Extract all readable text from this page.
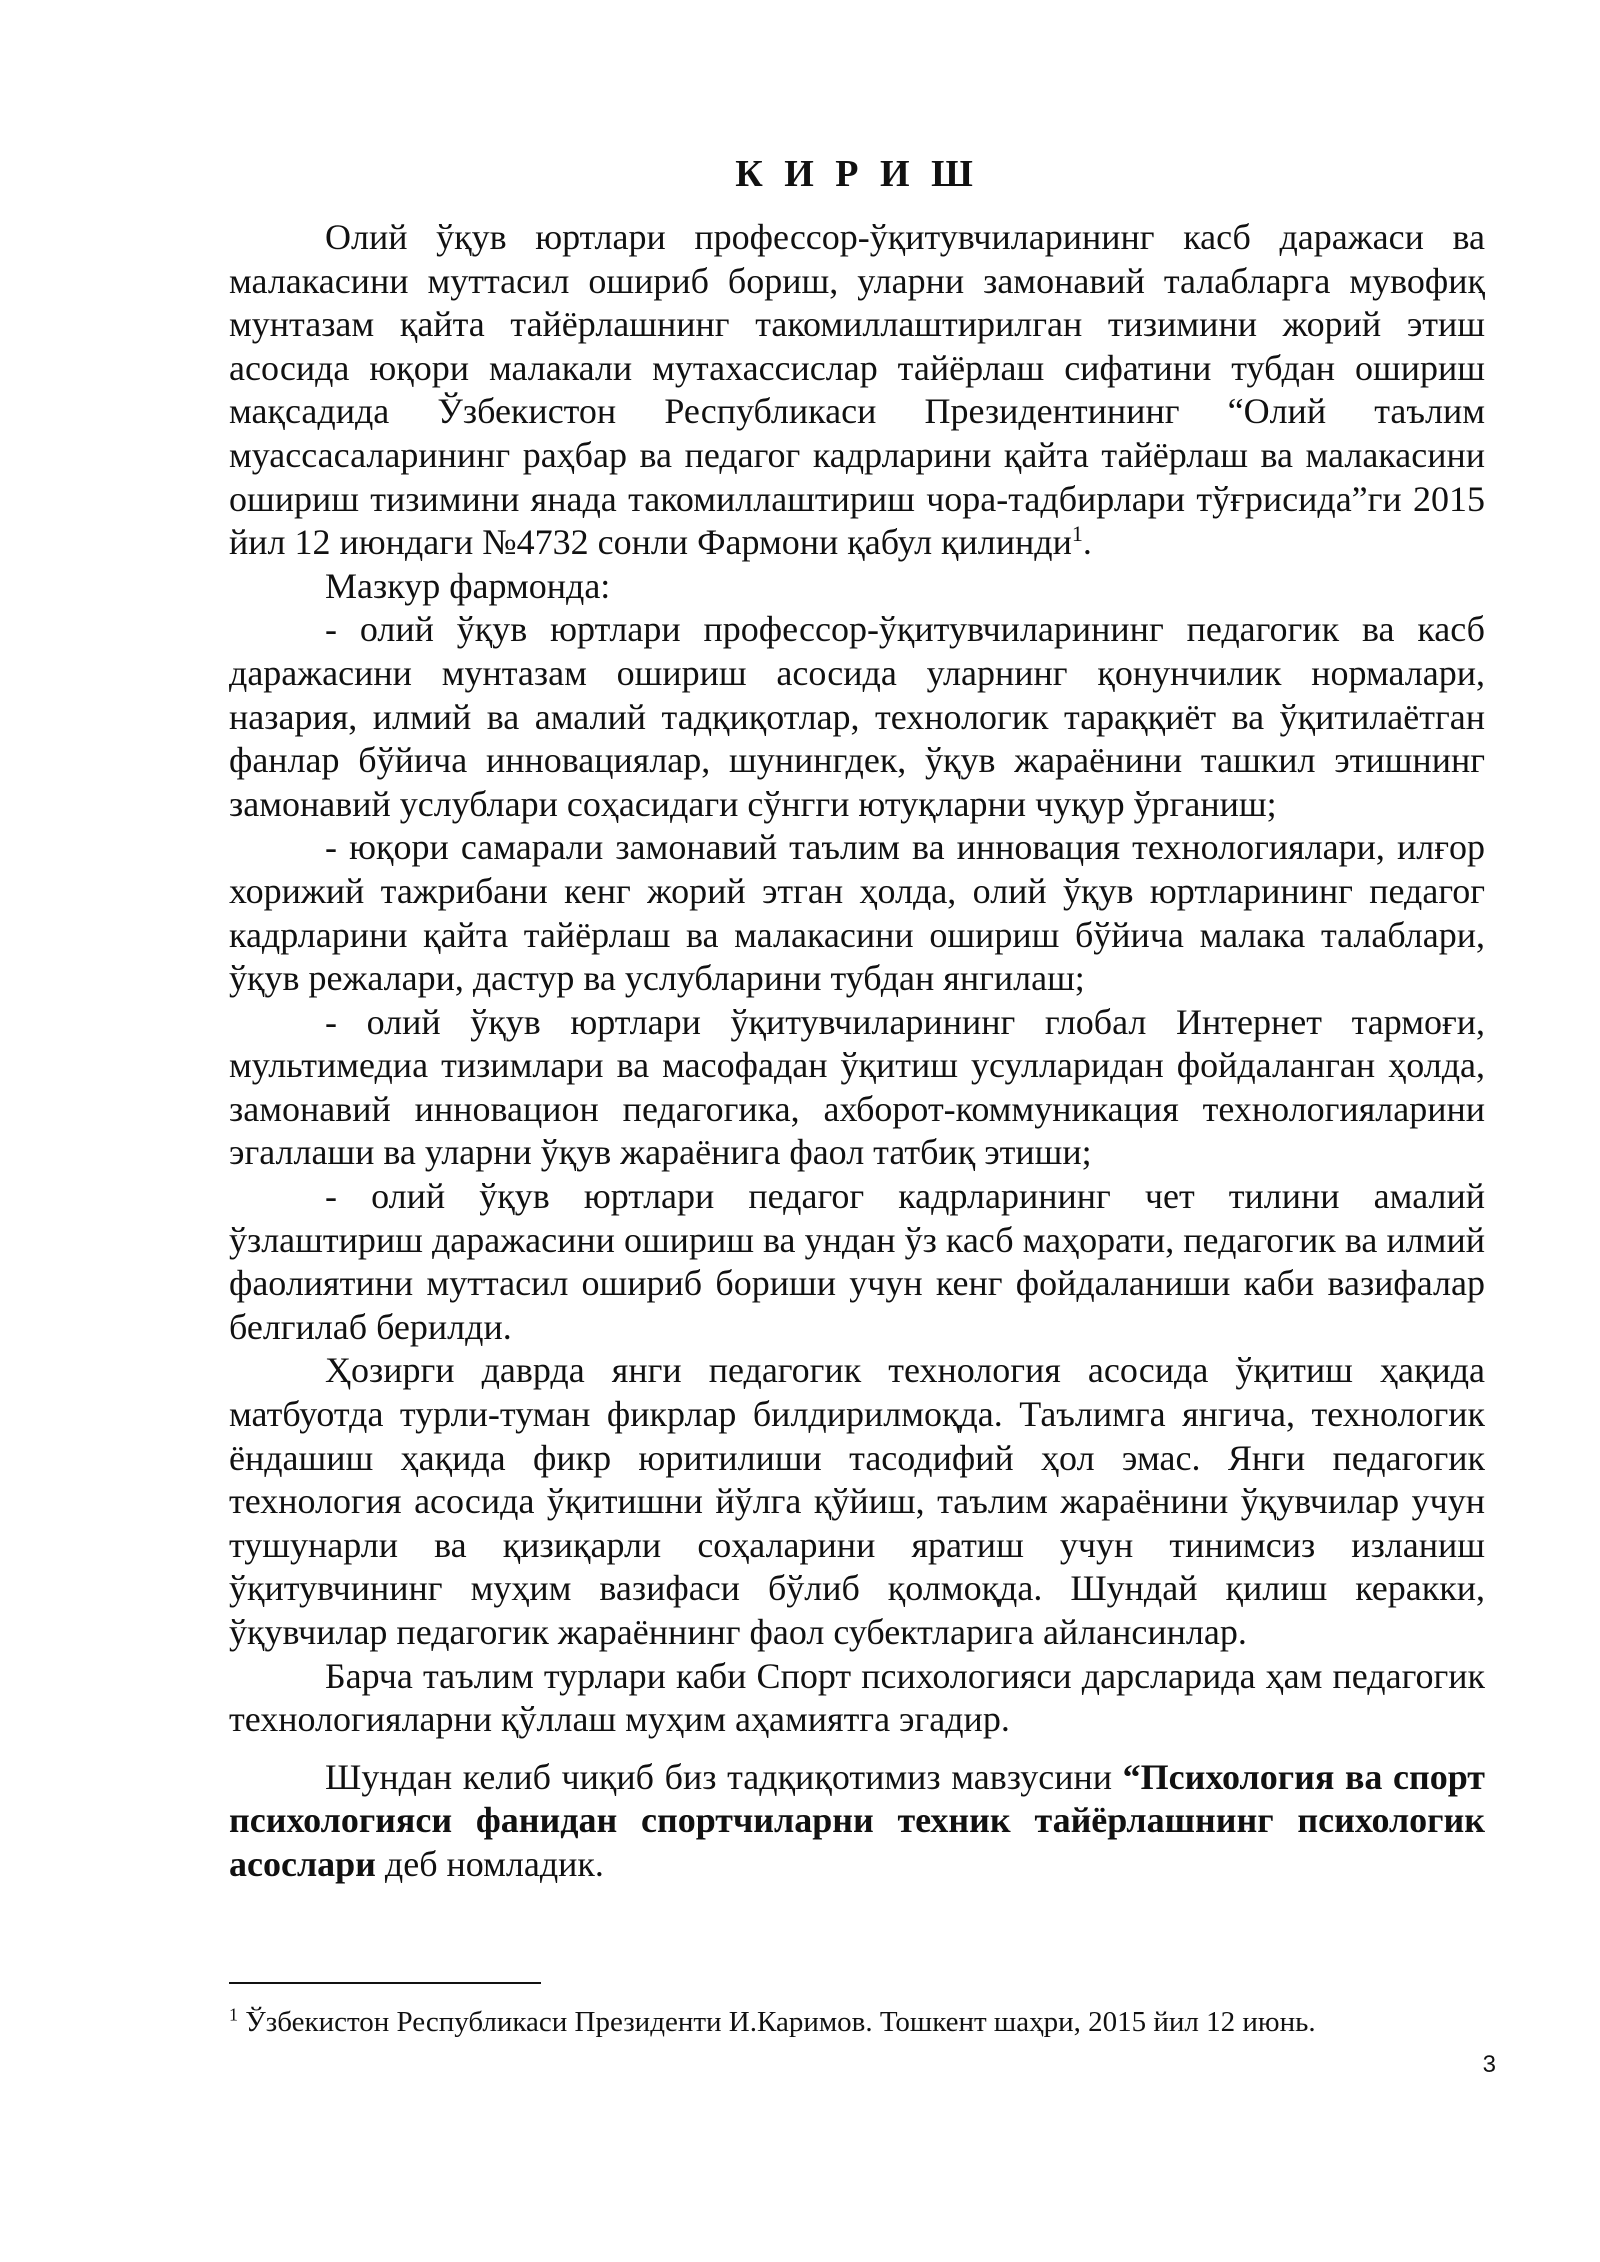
К И Р И Ш

Олий ўқув юртлари профессор-ўқитувчиларининг касб даражаси ва малакасини муттасил ошириб бориш, уларни замонавий талабларга мувофиқ мунтазам қайта тайёрлашнинг такомиллаштирилган тизимини жорий этиш асосида юқори малакали мутахассислар тайёрлаш сифатини тубдан ошириш мақсадида Ўзбекистон Республикаси Президентининг “Олий таълим муассасаларининг раҳбар ва педагог кадрларини қайта тайёрлаш ва малакасини ошириш тизимини янада такомиллаштириш чора-тадбирлари тўғрисида”ги 2015 йил 12 июндаги №4732 сонли Фармони қабул қилинди$^1$.

Мазкур фармонда:

- олий ўқув юртлари профессор-ўқитувчиларининг педагогик ва касб даражасини мунтазам ошириш асосида уларнинг қонунчилик нормалари, назария, илмий ва амалий тадқиқотлар, технологик тараққиёт ва ўқитилаётган фанлар бўйича инновациялар, шунингдек, ўқув жараёнини ташкил этишнинг замонавий услублари соҳасидаги сўнгги ютуқларни чуқур ўрганиш;

- юқори самарали замонавий таълим ва инновация технологиялари, илғор хорижий тажрибани кенг жорий этган ҳолда, олий ўқув юртларининг педагог кадрларини қайта тайёрлаш ва малакасини ошириш бўйича малака талаблари, ўқув режалари, дастур ва услубларини тубдан янгилаш;

- олий ўқув юртлари ўқитувчиларининг глобал Интернет тармоғи, мультимедиа тизимлари ва масофадан ўқитиш усулларидан фойдаланган ҳолда, замонавий инновацион педагогика, ахборот-коммуникация технологияларини эгаллаши ва уларни ўқув жараёнига фаол татбиқ этиши;

- олий ўқув юртлари педагог кадрларининг чет тилини амалий ўзлаштириш даражасини ошириш ва ундан ўз касб маҳорати, педагогик ва илмий фаолиятини муттасил ошириб бориши учун кенг фойдаланиши каби вазифалар белгилаб берилди.

Ҳозирги даврда янги педагогик технология асосида ўқитиш ҳақида матбуотда турли-туман фикрлар билдирилмоқда. Таълимга янгича, технологик ёндашиш ҳақида фикр юритилиши тасодифий ҳол эмас. Янги педагогик технология асосида ўқитишни йўлга қўйиш, таълим жараёнини ўқувчилар учун тушунарли ва қизиқарли соҳаларини яратиш учун тинимсиз изланиш ўқитувчининг муҳим вазифаси бўлиб қолмоқда. Шундай қилиш керакки, ўқувчилар педагогик жараённинг фаол субектларига айлансинлар.

Барча таълим турлари каби Спорт психологияси дарсларида ҳам педагогик технологияларни қўллаш муҳим аҳамиятга эгадир.

Шундан келиб чиқиб биз тадқиқотимиз мавзусини “Психология ва спорт психологияси фанидан спортчиларни техник тайёрлашнинг психологик асослари деб номладик.

$^1$ Ўзбекистон Республикаси Президенти И.Каримов. Тошкент шаҳри, 2015 йил 12 июнь.
3
